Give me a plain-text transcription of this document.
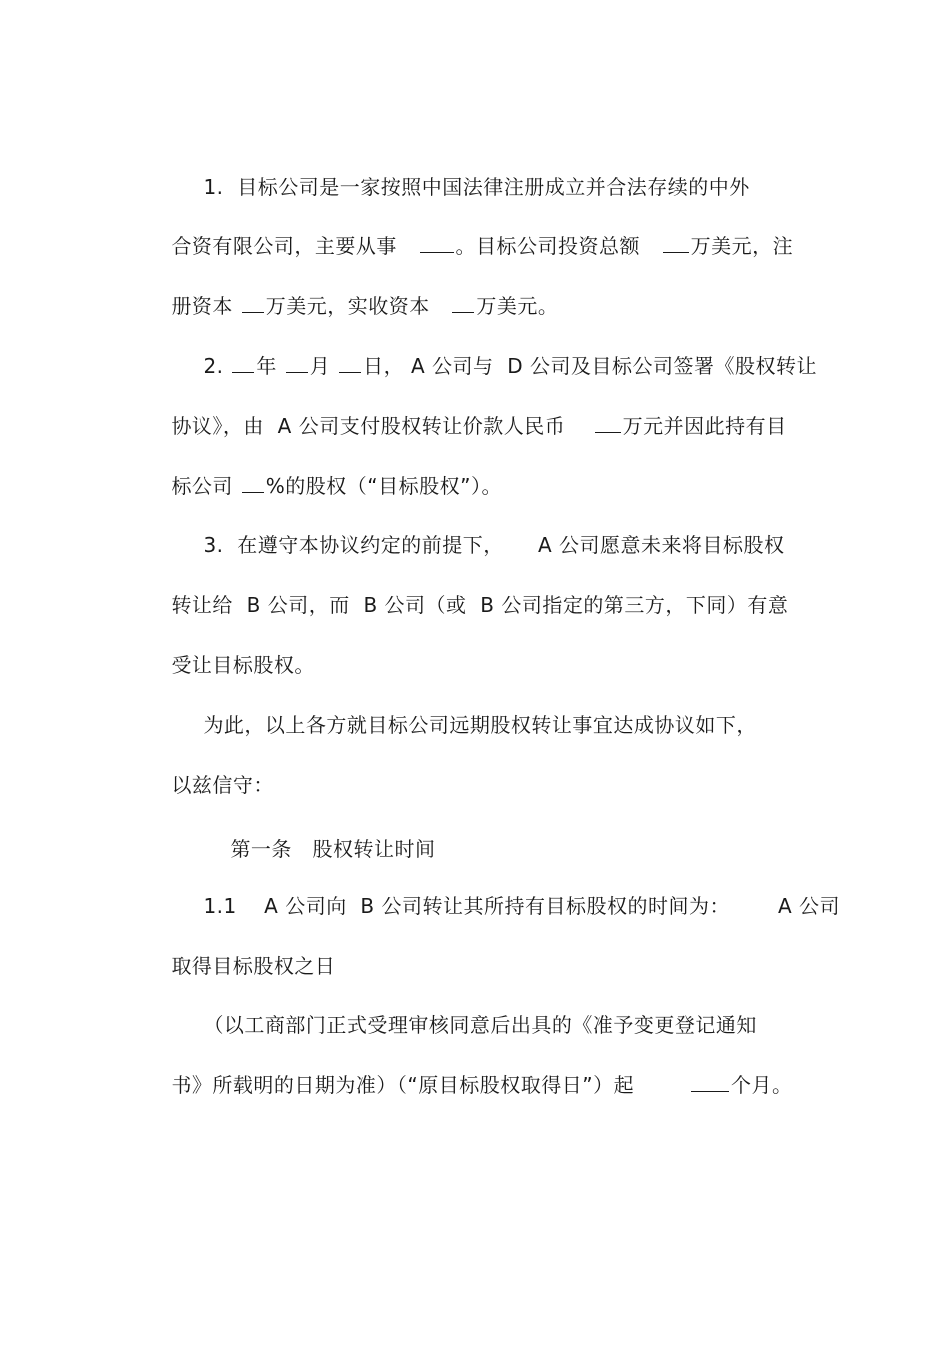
1.  目标公司是一家按照中国法律注册成立并合法存续的中外

合资有限公司，主要从事   。目标公司投资总额   万美元，注

册资本 万美元，实收资本   万美元。

2. 年 月 日， A 公司与  D 公司及目标公司签署《股权转让

协议》，由  A 公司支付股权转让价款人民币    万元并因此持有目

标公司 %的股权（“目标股权”）。

3.  在遵守本协议约定的前提下，     A 公司愿意未来将目标股权

转让给  B 公司，而  B 公司（或  B 公司指定的第三方，下同）有意

受让目标股权。

为此，以上各方就目标公司远期股权转让事宜达成协议如下，

以兹信守：

第一条   股权转让时间

1.1    A 公司向  B 公司转让其所持有目标股权的时间为：       A 公司

取得目标股权之日

（以工商部门正式受理审核同意后出具的《准予变更登记通知

书》所载明的日期为准）（“原目标股权取得日”）起        个月。
